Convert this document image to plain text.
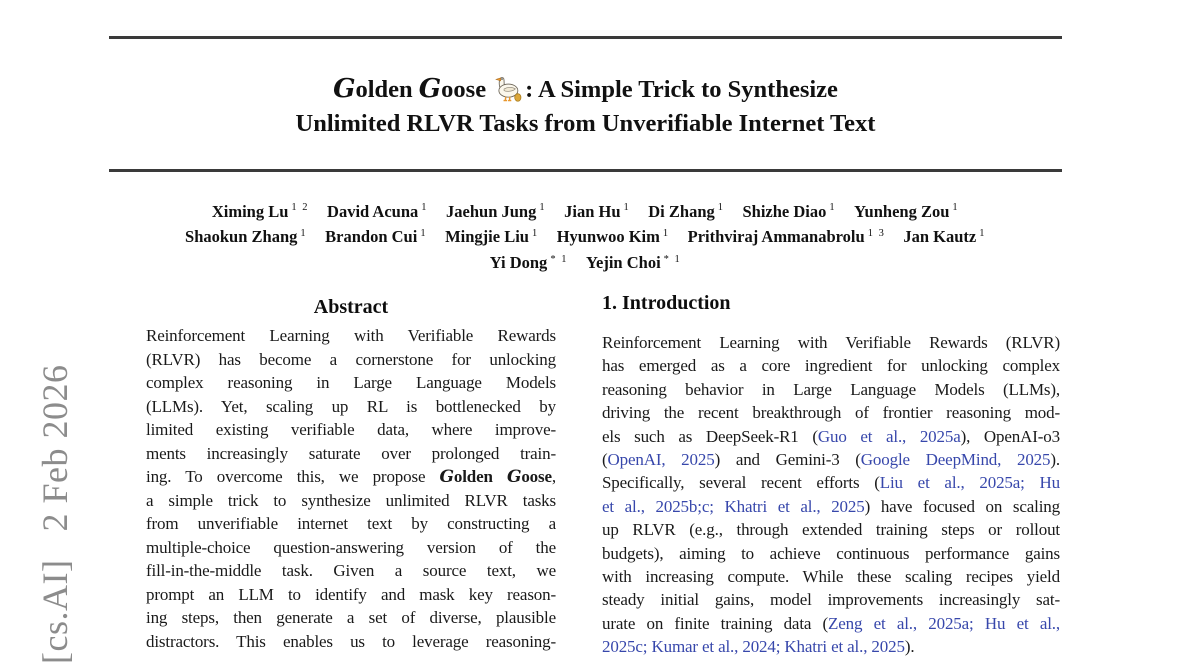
[cs.AI]2 Feb 2026
Golden Goose : A Simple Trick to Synthesize
Unlimited RLVR Tasks from Unverifiable Internet Text
Ximing Lu $^{1 2}$ David Acuna $^1$ Jaehun Jung $^1$ Jian Hu $^1$ Di Zhang $^1$ Shizhe Diao $^1$ Yunheng Zou $^1$
Shaokun Zhang $^1$ Brandon Cui $^1$ Mingjie Liu $^1$ Hyunwoo Kim $^1$ Prithviraj Ammanabrolu $^{1 3}$ Jan Kautz $^1$
Yi Dong $^{* 1}$ Yejin Choi $^{* 1}$
Abstract
Reinforcement Learning with Verifiable Rewards
(RLVR) has become a cornerstone for unlocking
complex reasoning in Large Language Models
(LLMs). Yet, scaling up RL is bottlenecked by
limited existing verifiable data, where improve-
ments increasingly saturate over prolonged train-
ing. To overcome this, we propose Golden Goose,
a simple trick to synthesize unlimited RLVR tasks
from unverifiable internet text by constructing a
multiple-choice question-answering version of the
fill-in-the-middle task. Given a source text, we
prompt an LLM to identify and mask key reason-
ing steps, then generate a set of diverse, plausible
distractors. This enables us to leverage reasoning-
1. Introduction
Reinforcement Learning with Verifiable Rewards (RLVR)
has emerged as a core ingredient for unlocking complex
reasoning behavior in Large Language Models (LLMs),
driving the recent breakthrough of frontier reasoning mod-
els such as DeepSeek-R1 (Guo et al., 2025a), OpenAI-o3
(OpenAI, 2025) and Gemini-3 (Google DeepMind, 2025).
Specifically, several recent efforts (Liu et al., 2025a; Hu
et al., 2025b;c; Khatri et al., 2025) have focused on scaling
up RLVR (e.g., through extended training steps or rollout
budgets), aiming to achieve continuous performance gains
with increasing compute. While these scaling recipes yield
steady initial gains, model improvements increasingly sat-
urate on finite training data (Zeng et al., 2025a; Hu et al.,
2025c; Kumar et al., 2024; Khatri et al., 2025).
